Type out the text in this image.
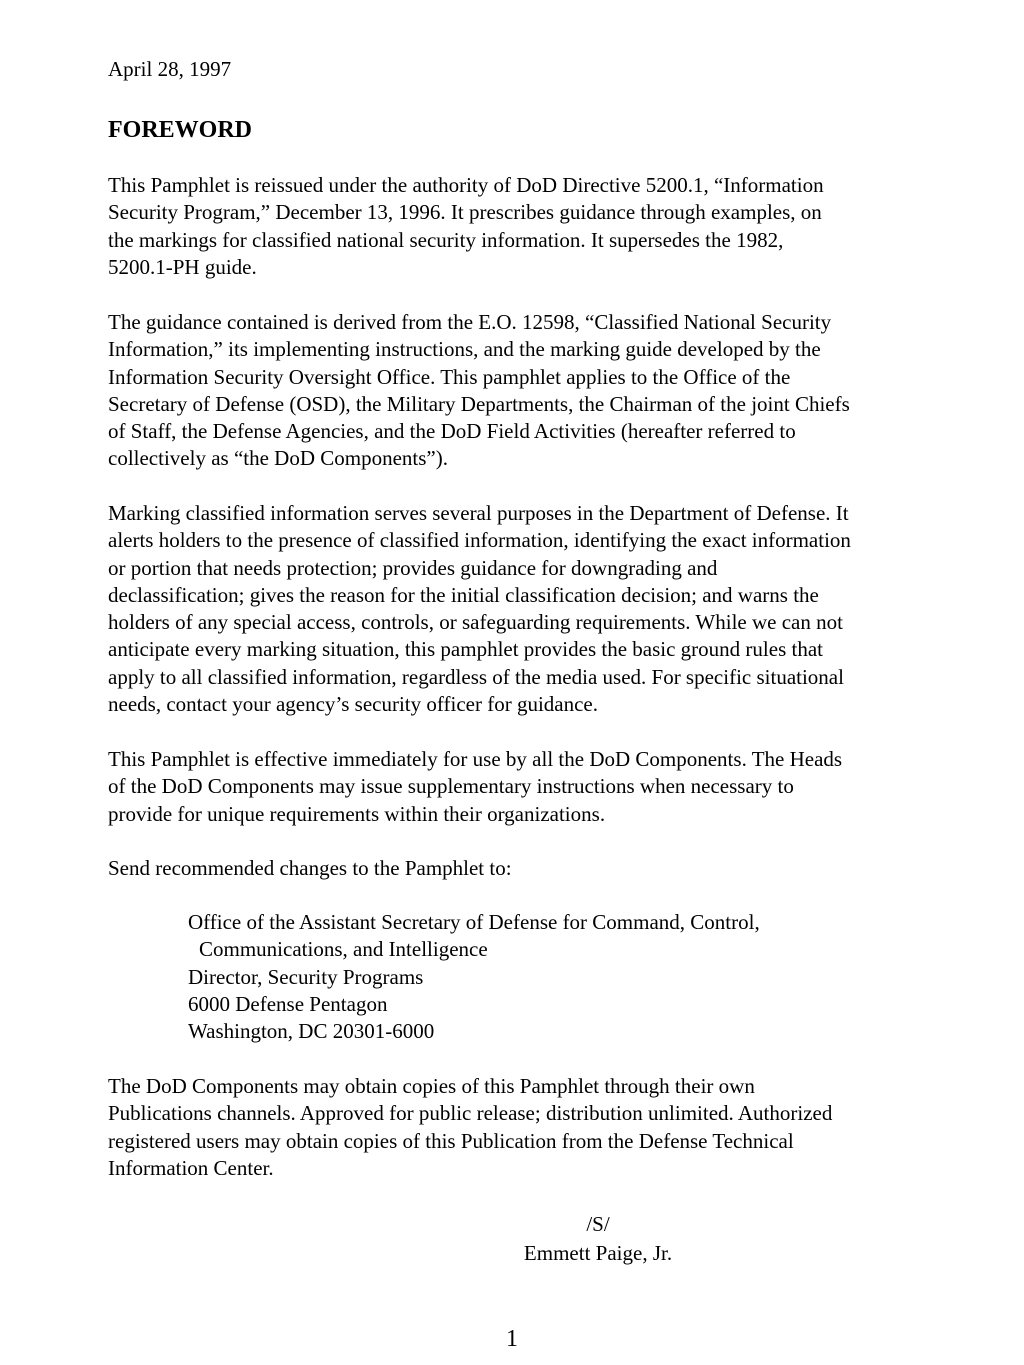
April 28, 1997
FOREWORD

This Pamphlet is reissued under the authority of DoD Directive 5200.1, “Information
Security Program,” December 13, 1996. It prescribes guidance through examples, on
the markings for classified national security information. It supersedes the 1982,
5200.1-PH guide.

The guidance contained is derived from the E.O. 12598, “Classified National Security
Information,” its implementing instructions, and the marking guide developed by the
Information Security Oversight Office. This pamphlet applies to the Office of the
Secretary of Defense (OSD), the Military Departments, the Chairman of the joint Chiefs
of Staff, the Defense Agencies, and the DoD Field Activities (hereafter referred to
collectively as “the DoD Components”).

Marking classified information serves several purposes in the Department of Defense. It
alerts holders to the presence of classified information, identifying the exact information
or portion that needs protection; provides guidance for downgrading and
declassification; gives the reason for the initial classification decision; and warns the
holders of any special access, controls, or safeguarding requirements. While we can not
anticipate every marking situation, this pamphlet provides the basic ground rules that
apply to all classified information, regardless of the media used. For specific situational
needs, contact your agency’s security officer for guidance.

This Pamphlet is effective immediately for use by all the DoD Components. The Heads
of the DoD Components may issue supplementary instructions when necessary to
provide for unique requirements within their organizations.

Send recommended changes to the Pamphlet to:

Office of the Assistant Secretary of Defense for Command, Control,
Communications, and Intelligence
Director, Security Programs
6000 Defense Pentagon
Washington, DC 20301-6000

The DoD Components may obtain copies of this Pamphlet through their own
Publications channels. Approved for public release; distribution unlimited. Authorized
registered users may obtain copies of this Publication from the Defense Technical
Information Center.

/S/
Emmett Paige, Jr.
1
